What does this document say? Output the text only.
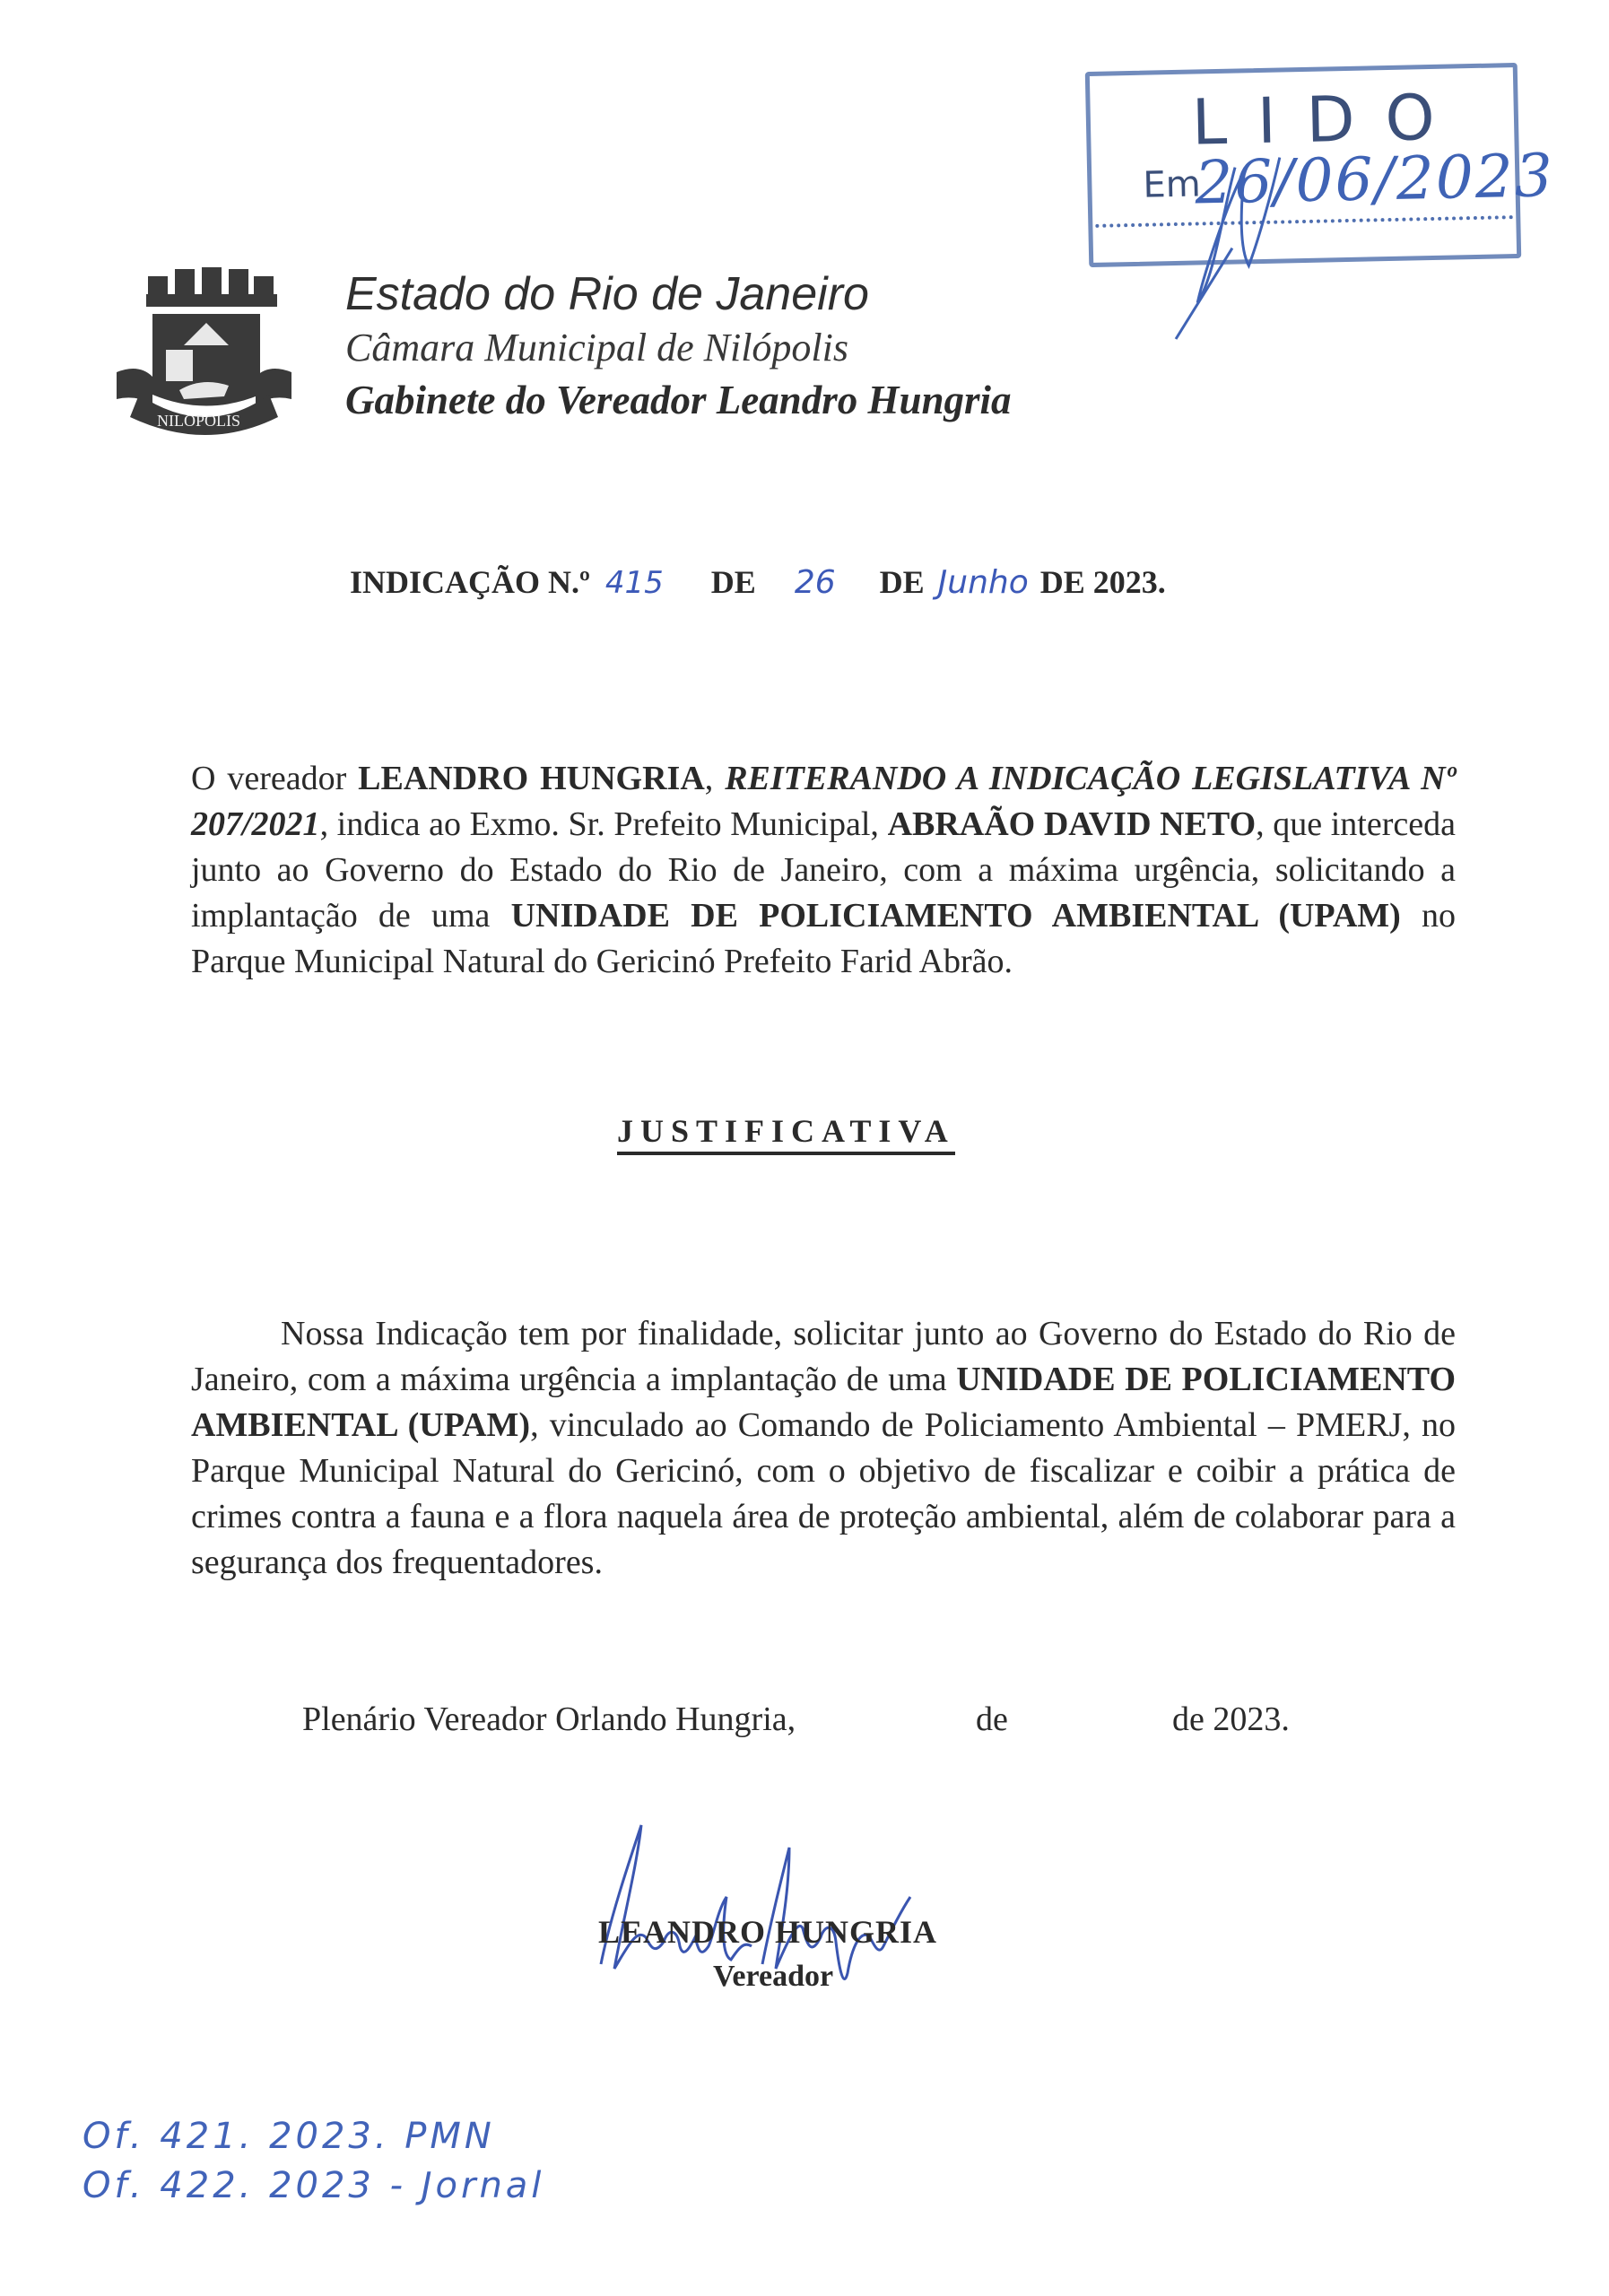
LIDO
Em
26/06/2023
NILOPOLIS
Estado do Rio de Janeiro
Câmara Municipal de Nilópolis
Gabinete do Vereador Leandro Hungria
INDICAÇÃO N.º 415 DE 26 DE Junho DE 2023.
O vereador LEANDRO HUNGRIA, REITERANDO A INDICAÇÃO LEGISLATIVA Nº 207/2021, indica ao Exmo. Sr. Prefeito Municipal, ABRAÃO DAVID NETO, que interceda junto ao Governo do Estado do Rio de Janeiro, com a máxima urgência, solicitando a implantação de uma UNIDADE DE POLICIAMENTO AMBIENTAL (UPAM) no Parque Municipal Natural do Gericinó Prefeito Farid Abrão.
JUSTIFICATIVA
Nossa Indicação tem por finalidade, solicitar junto ao Governo do Estado do Rio de Janeiro, com a máxima urgência a implantação de uma UNIDADE DE POLICIAMENTO AMBIENTAL (UPAM), vinculado ao Comando de Policiamento Ambiental – PMERJ, no Parque Municipal Natural do Gericinó, com o objetivo de fiscalizar e coibir a prática de crimes contra a fauna e a flora naquela área de proteção ambiental, além de colaborar para a segurança dos frequentadores.
Plenário Vereador Orlando Hungria,	de	de 2023.
LEANDRO HUNGRIA
Vereador
Of. 421. 2023. PMN
Of. 422. 2023 - Jornal
